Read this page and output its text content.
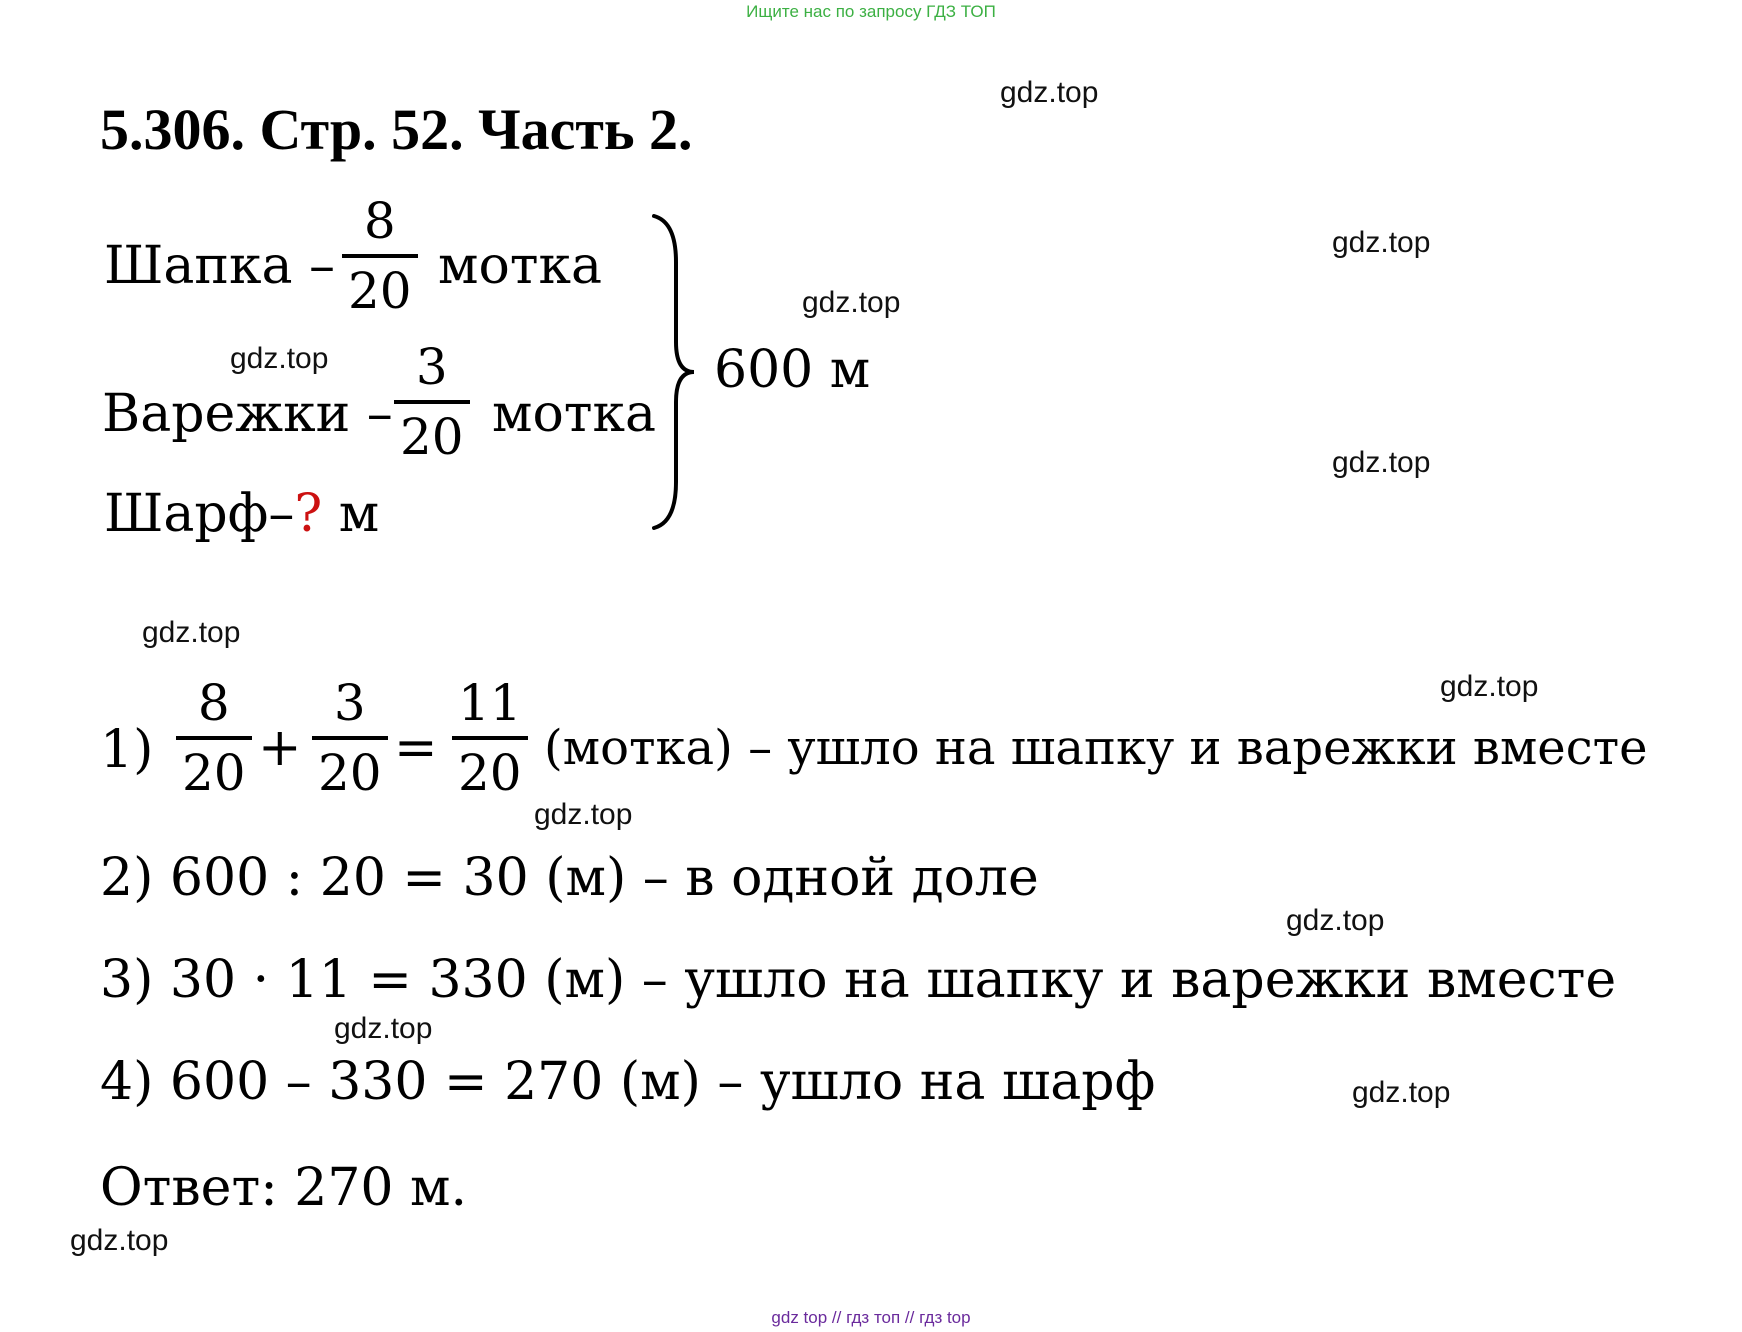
Ищите нас по запросу ГДЗ ТОП
5.306. Стр. 52. Часть 2.
gdz.top
gdz.top
gdz.top
gdz.top
gdz.top
gdz.top
gdz.top
gdz.top
gdz.top
gdz.top
gdz.top
gdz.top
Шапка –
8
20 мотка
Варежки –
3
20 мотка
Шарф–? м
600 м
1)
8
20 +
3
20 =
11
20 (мотка) – ушло на шапку и варежки вместе
2) 600 : 20 = 30 (м) – в одной доле
3) 30 · 11 = 330 (м) – ушло на шапку и варежки вместе
4) 600 – 330 = 270 (м) – ушло на шарф
Ответ: 270 м.
gdz top // гдз топ // гдз top
